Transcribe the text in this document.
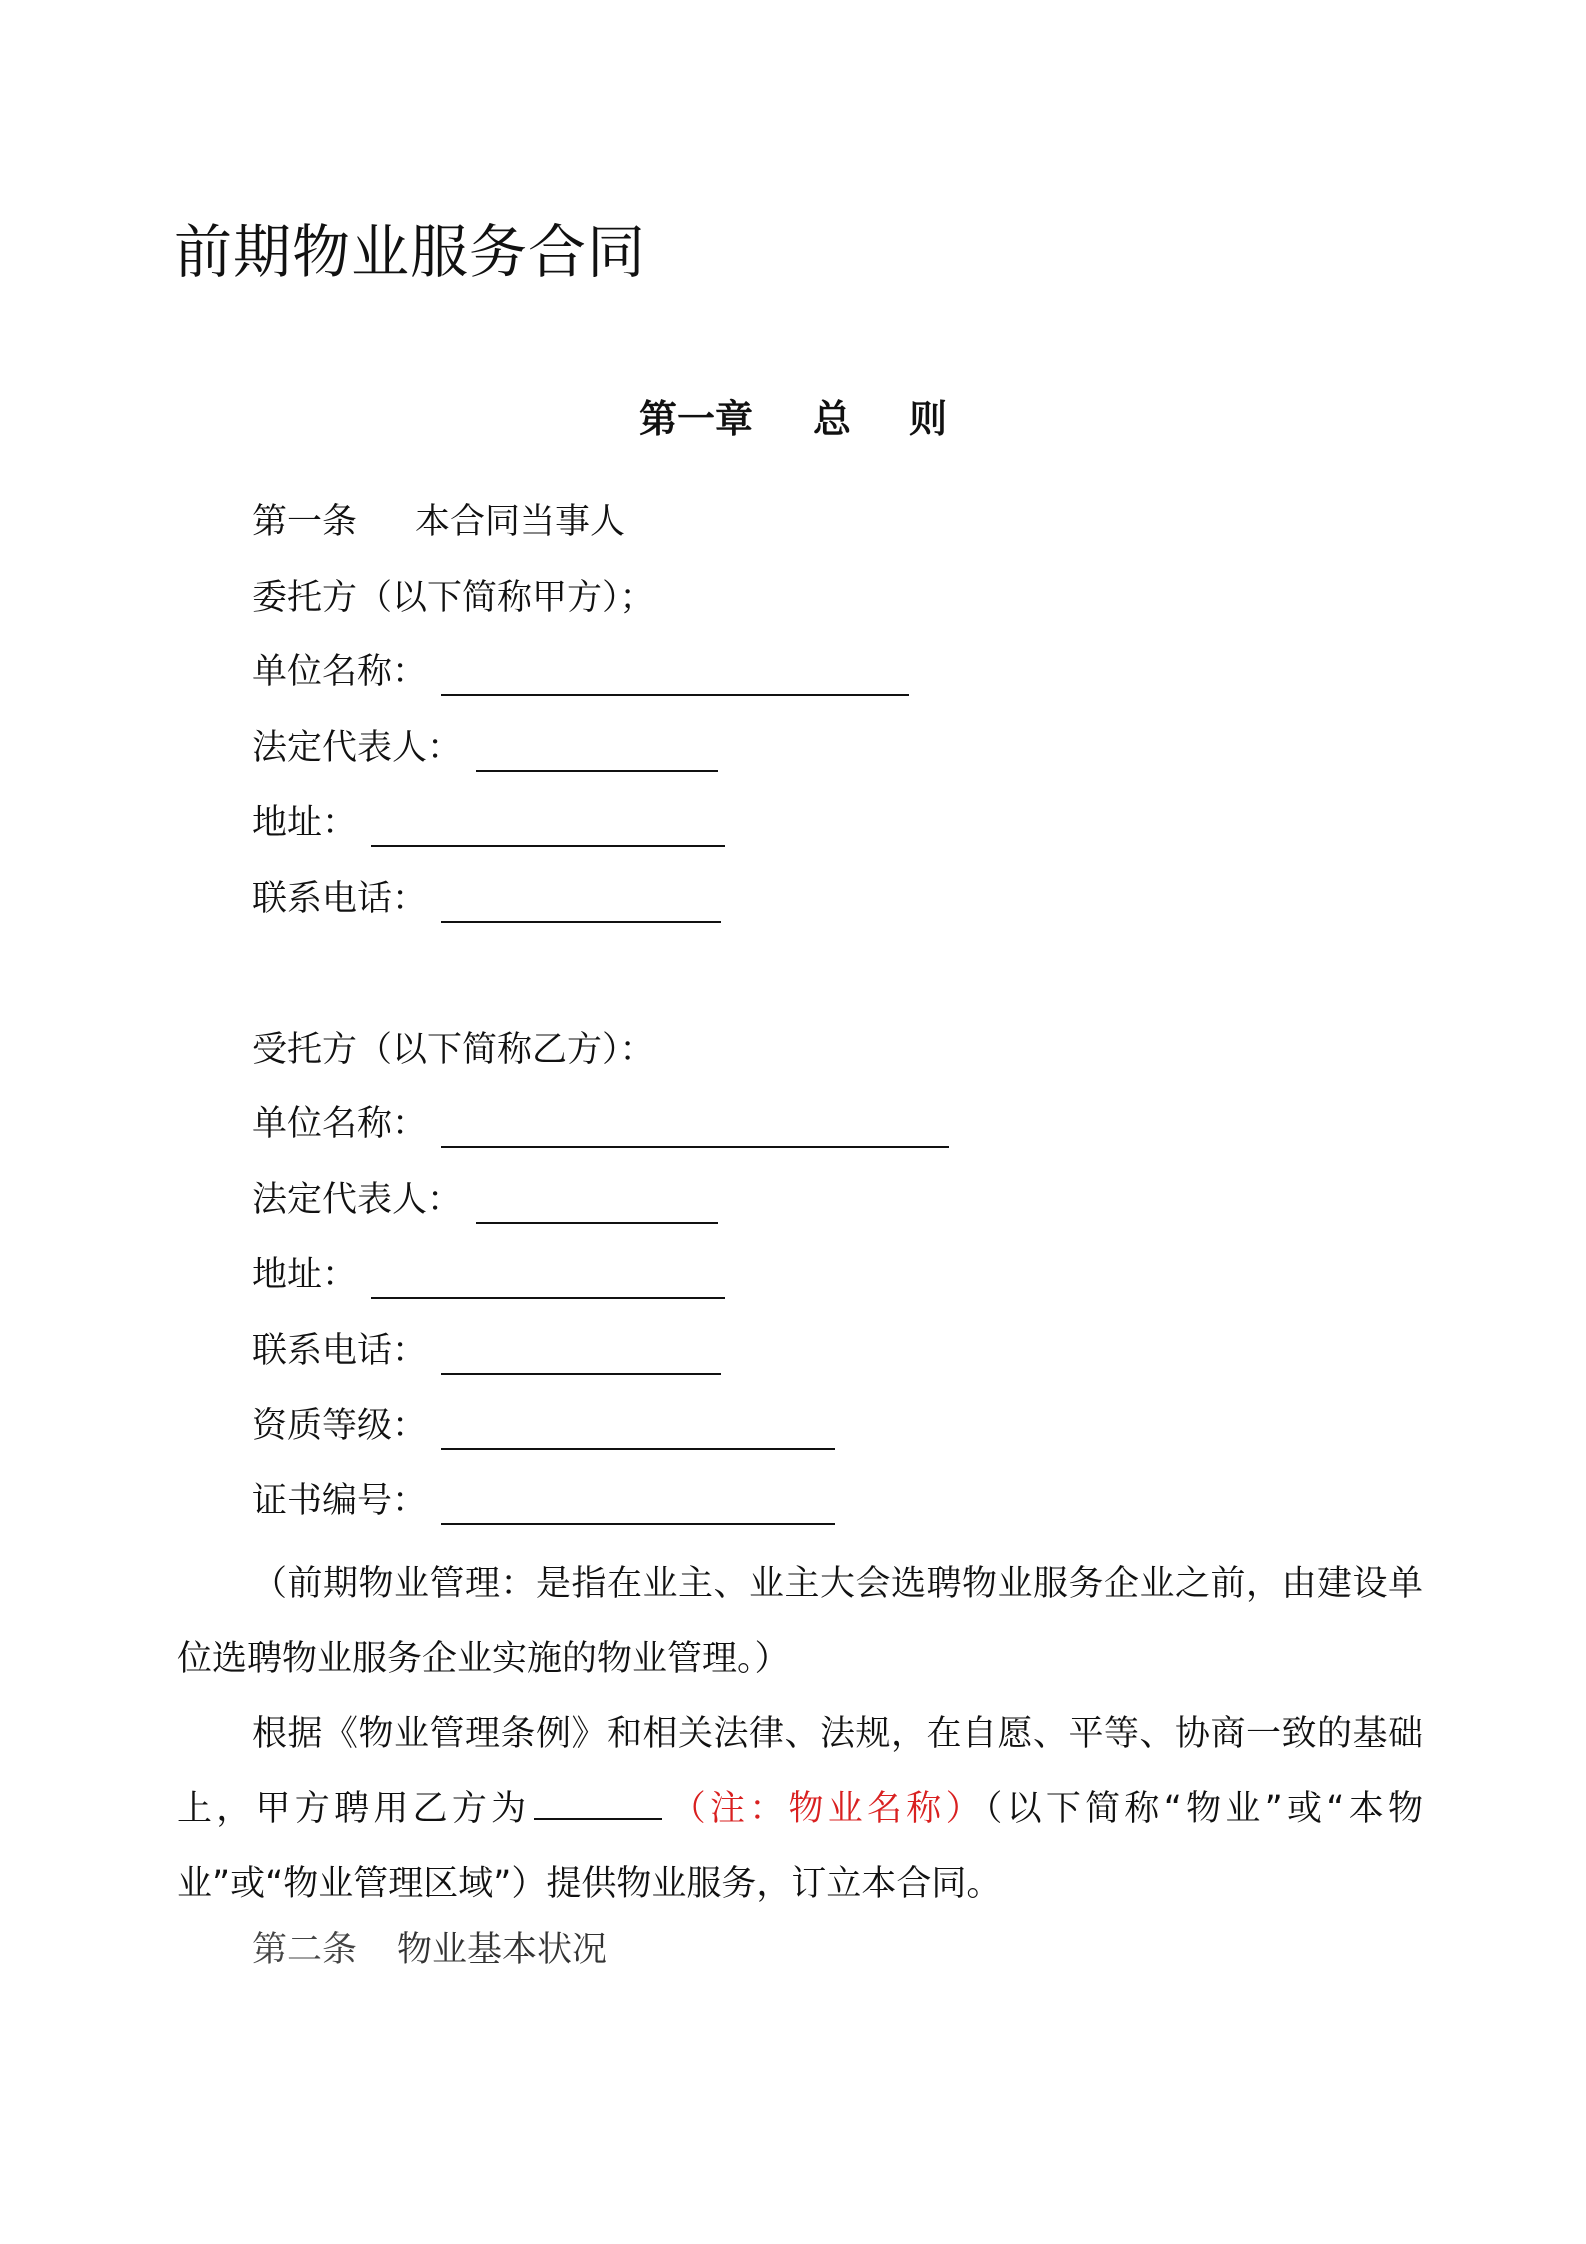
前期物业服务合同
第一章 总 则
第一条 本合同当事人
委托方（以下简称甲方）；
单位名称：
法定代表人：
地址：
联系电话：
受托方（以下简称乙方）：
单位名称：
法定代表人：
地址：
联系电话：
资质等级：
证书编号：
（前期物业管理：是指在业主、业主大会选聘物业服务企业之前，由建设单位选聘物业服务企业实施的物业管理。）
根据《物业管理条例》和相关法律、法规，在自愿、平等、协商一致的基础上，甲方聘用乙方为	（注：物业名称）（以下简称“物业”或“本物业”或“物业管理区域”）提供物业服务，订立本合同。
第二条 物业基本状况
